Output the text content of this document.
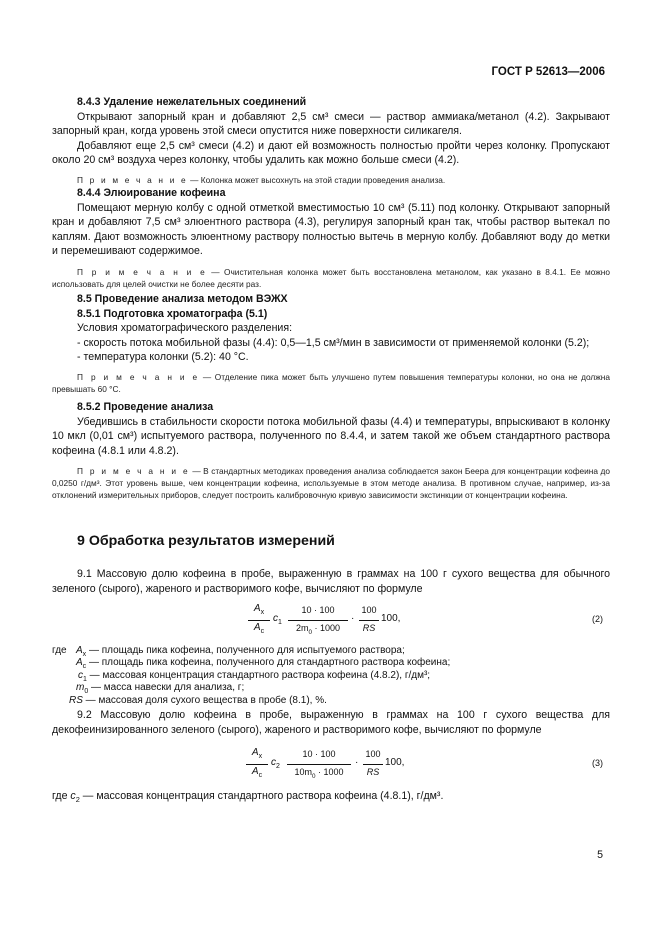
ГОСТ Р 52613—2006

8.4.3 Удаление нежелательных соединений

Открывают запорный кран и добавляют 2,5 см³ смеси — раствор аммиака/метанол (4.2). Закрывают запорный кран, когда уровень этой смеси опустится ниже поверхности силикагеля.

Добавляют еще 2,5 см³ смеси (4.2) и дают ей возможность полностью пройти через колонку. Пропускают около 20 см³ воздуха через колонку, чтобы удалить как можно больше смеси (4.2).

П р и м е ч а н и е — Колонка может высохнуть на этой стадии проведения анализа.

8.4.4 Элюирование кофеина

Помещают мерную колбу с одной отметкой вместимостью 10 см³ (5.11) под колонку. Открывают запорный кран и добавляют 7,5 см³ элюентного раствора (4.3), регулируя запорный кран так, чтобы раствор вытекал по каплям. Дают возможность элюентному раствору полностью вытечь в мерную колбу. Добавляют воду до метки и перемешивают содержимое.

П р и м е ч а н и е — Очистительная колонка может быть восстановлена метанолом, как указано в 8.4.1. Ее можно использовать для целей очистки не более десяти раз.

8.5 Проведение анализа методом ВЭЖХ

8.5.1 Подготовка хроматографа (5.1)

Условия хроматографического разделения:

- скорость потока мобильной фазы (4.4): 0,5—1,5 см³/мин в зависимости от применяемой колонки (5.2);

- температура колонки (5.2): 40 °С.

П р и м е ч а н и е — Отделение пика может быть улучшено путем повышения температуры колонки, но она не должна превышать 60 °С.

8.5.2 Проведение анализа

Убедившись в стабильности скорости потока мобильной фазы (4.4) и температуры, впрыскивают в колонку 10 мкл (0,01 см³) испытуемого раствора, полученного по 8.4.4, и затем такой же объем стандартного раствора кофеина (4.8.1 или 4.8.2).

П р и м е ч а н и е — В стандартных методиках проведения анализа соблюдается закон Беера для концентрации кофеина до 0,0250 г/дм³. Этот уровень выше, чем концентрации кофеина, используемые в этом методе анализа. В противном случае, например, из-за отклонений измерительных приборов, следует построить калибровочную кривую зависимости экстинкции от концентрации кофеина.

9 Обработка результатов измерений

9.1 Массовую долю кофеина в пробе, выраженную в граммах на 100 г сухого вещества для обычного зеленого (сырого), жареного и растворимого кофе, вычисляют по формуле

$A_x$
$A_c$
$c_1$
10 · 100
$2m_0 \cdot 1000$
·
100
RS
100,	(2)
где $A_x$ — площадь пика кофеина, полученного для испытуемого раствора;
$A_c$ — площадь пика кофеина, полученного для стандартного раствора кофеина;
$c_1$ — массовая концентрация стандартного раствора кофеина (4.8.2), г/дм³;
$m_0$ — масса навески для анализа, г;
RS — массовая доля сухого вещества в пробе (8.1), %.

9.2 Массовую долю кофеина в пробе, выраженную в граммах на 100 г сухого вещества для декофеинизированного зеленого (сырого), жареного и растворимого кофе, вычисляют по формуле

$A_x$
$A_c$
$c_2$
10 · 100
$10m_0 \cdot 1000$
·
100
RS
100,	(3)
где $c_2$ — массовая концентрация стандартного раствора кофеина (4.8.1), г/дм³.
5
